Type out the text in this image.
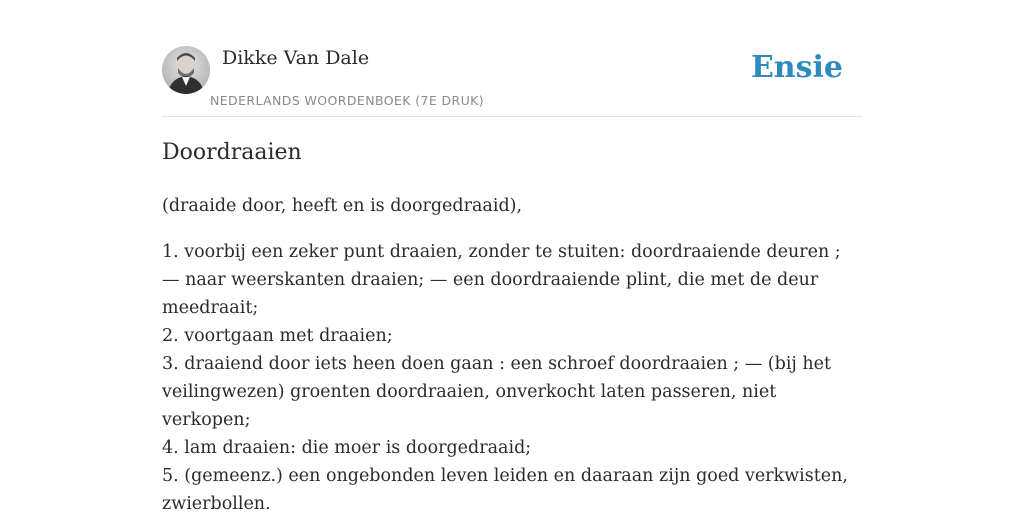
Dikke Van Dale
NEDERLANDS WOORDENBOEK (7E DRUK)
Ensie
Doordraaien

(draaide door, heeft en is doorgedraaid),

1. voorbij een zeker punt draaien, zonder te stuiten: doordraaiende deuren ; — naar weerskanten draaien; — een doordraaiende plint, die met de deur meedraait;
2. voortgaan met draaien;
3. draaiend door iets heen doen gaan : een schroef doordraaien ; — (bij het veilingwezen) groenten doordraaien, onverkocht laten passeren, niet verkopen;
4. lam draaien: die moer is doorgedraaid;
5. (gemeenz.) een ongebonden leven leiden en daaraan zijn goed verkwisten, zwierbollen.
